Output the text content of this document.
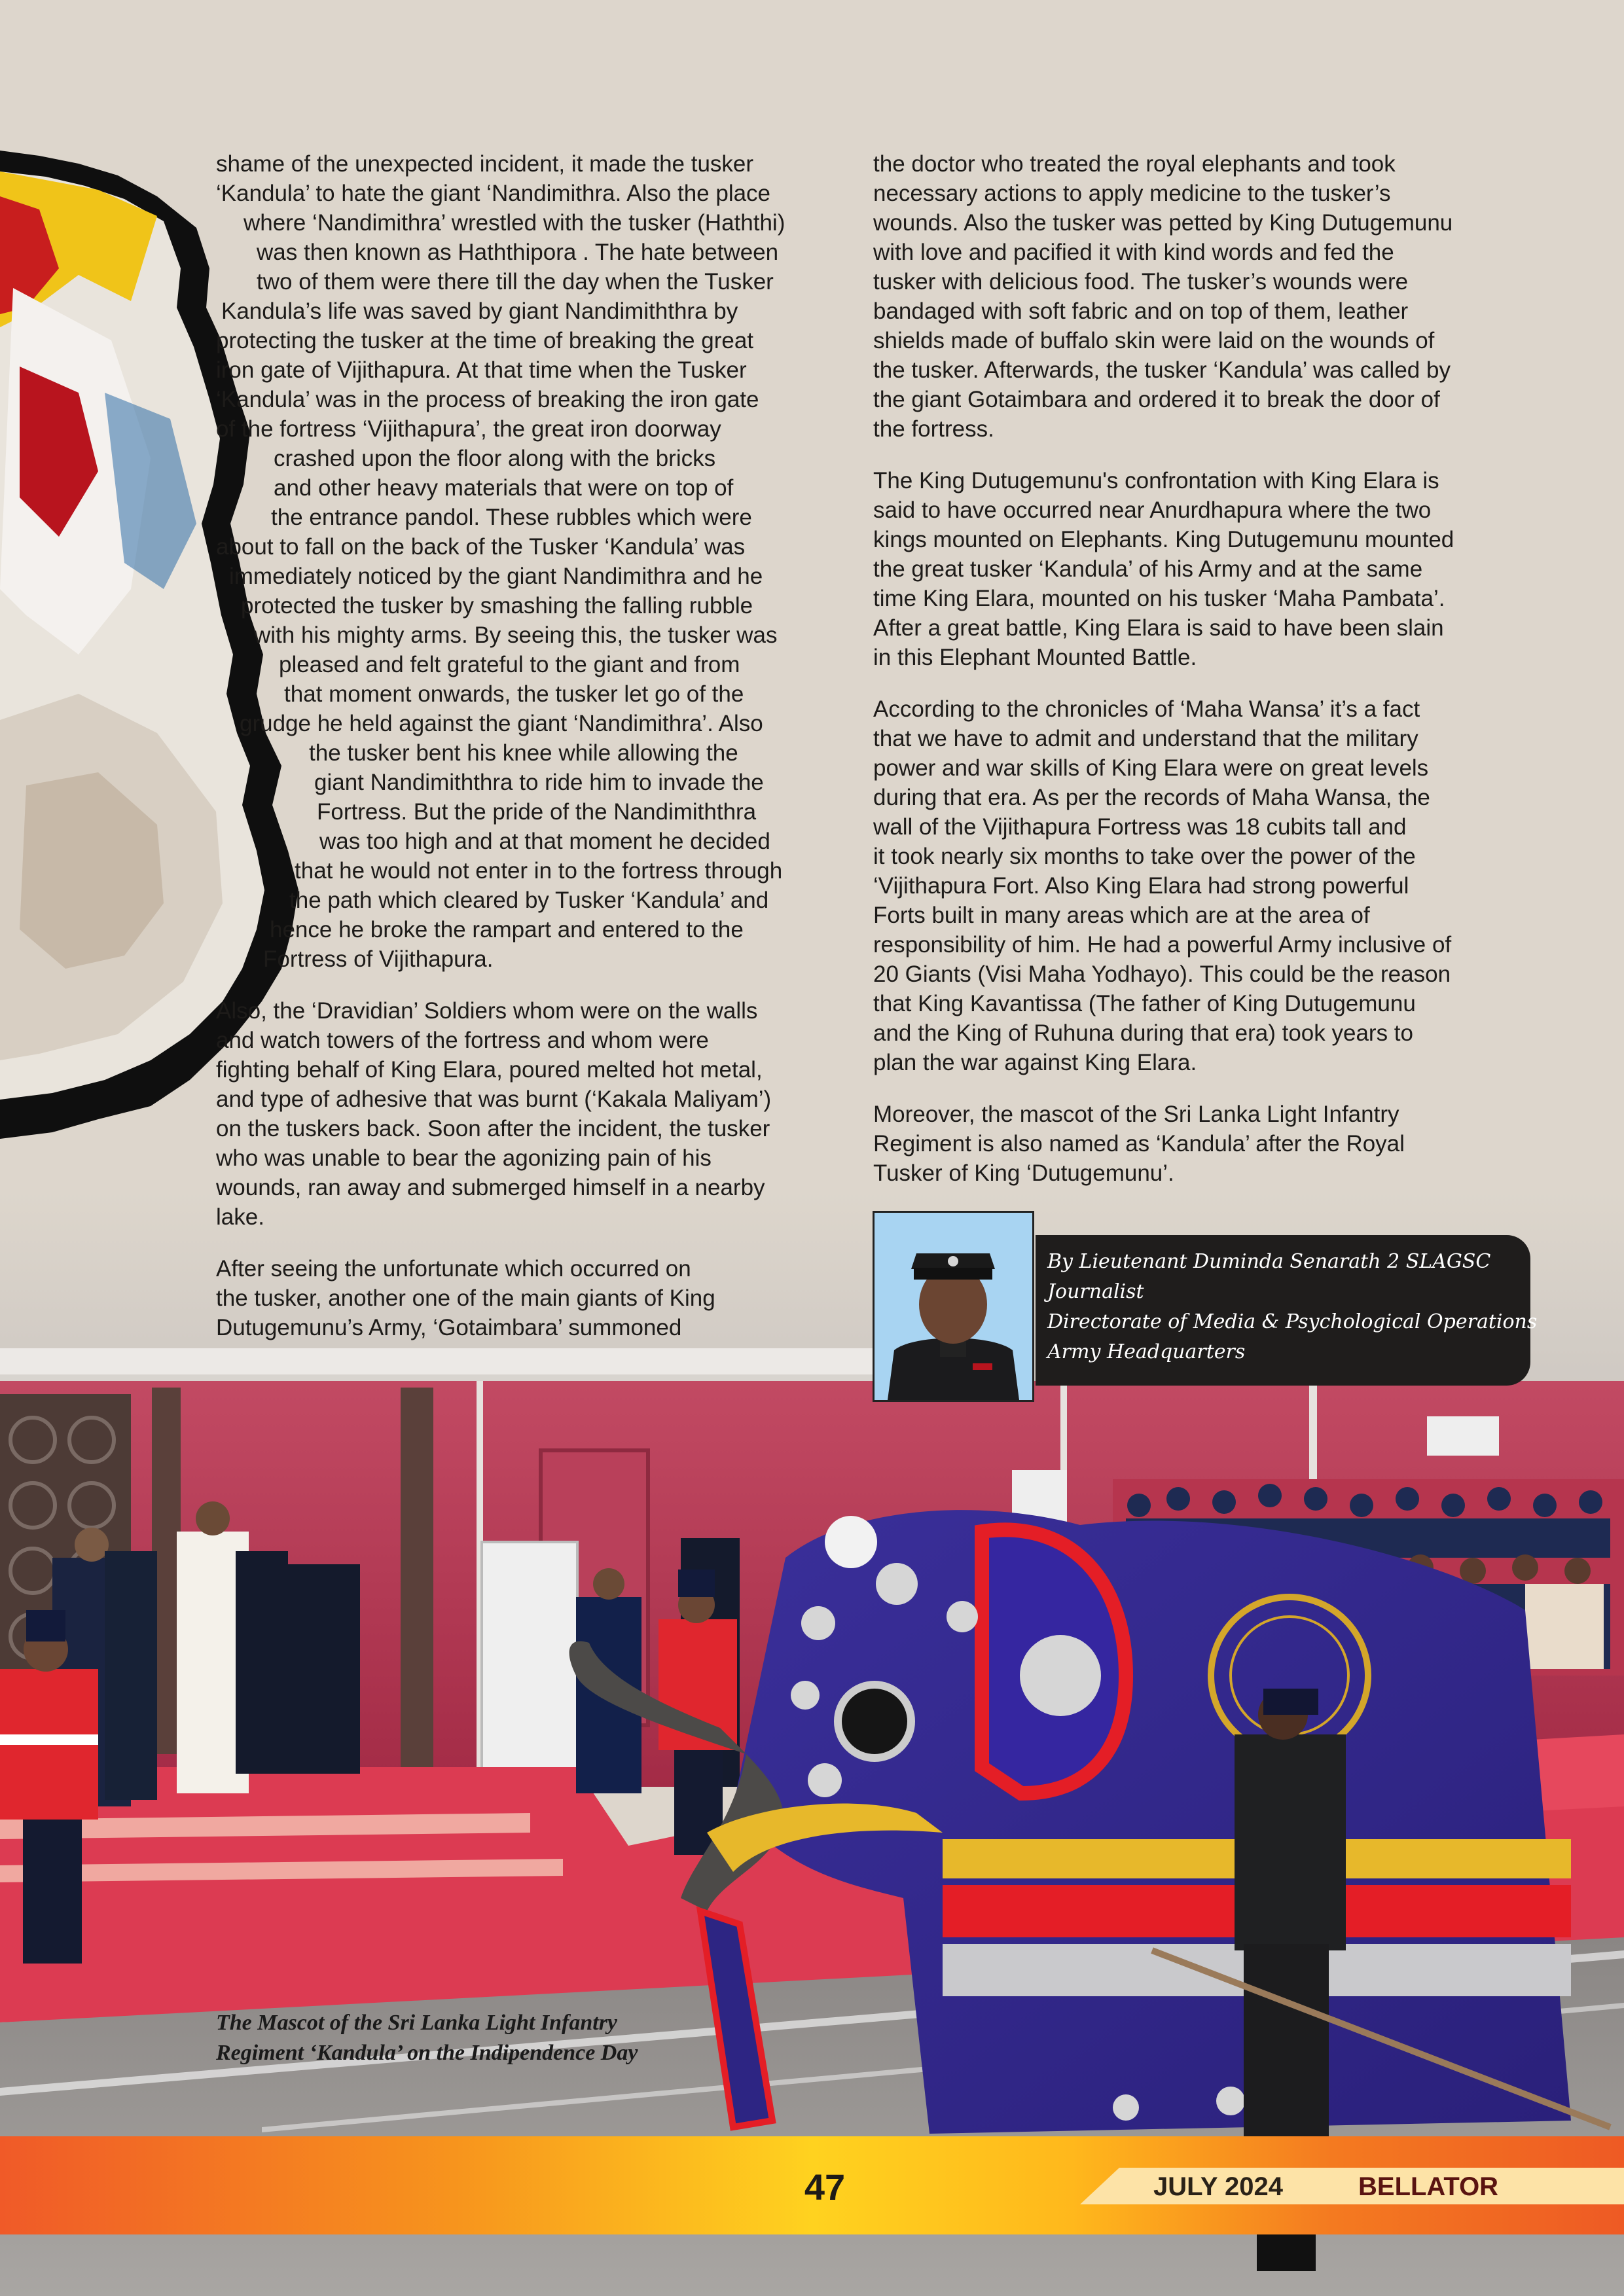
shame of the unexpected incident, it made the tusker
‘Kandula’ to hate the giant ‘Nandimithra. Also the place
where ‘Nandimithra’ wrestled with the tusker (Haththi)
was then known as Haththipora . The hate between
two of them were there till the day when the Tusker
Kandula’s life was saved by giant Nandimiththra by
protecting the tusker at the time of breaking the great
iron gate of Vijithapura. At that time when the Tusker
‘Kandula’ was in the process of breaking the iron gate
of the fortress ‘Vijithapura’, the great iron doorway
crashed upon the floor along with the bricks
and other heavy materials that were on top of
the entrance pandol. These rubbles which were
about to fall on the back of the Tusker ‘Kandula’ was
immediately noticed by the giant Nandimithra and he
protected the tusker by smashing the falling rubble
with his mighty arms. By seeing this, the tusker was
pleased and felt grateful to the giant and from
that moment onwards, the tusker let go of the
grudge he held against the giant ‘Nandimithra’. Also
the tusker bent his knee while allowing the
giant Nandimiththra to ride him to invade the
Fortress. But the pride of the Nandimiththra
was too high and at that moment he decided
that he would not enter in to the fortress through
the path which cleared by Tusker ‘Kandula’ and
hence he broke the rampart and entered to the
Fortress of Vijithapura.

Also, the ‘Dravidian’ Soldiers whom were on the walls
and watch towers of the fortress and whom were
fighting behalf of King Elara, poured melted hot metal,
and type of adhesive that was burnt (‘Kakala Maliyam’)
on the tuskers back. Soon after the incident, the tusker
who was unable to bear the agonizing pain of his
wounds, ran away and submerged himself in a nearby
lake.

After seeing the unfortunate which occurred on
the tusker, another one of the main giants of King
Dutugemunu’s Army, ‘Gotaimbara’ summoned

the doctor who treated the royal elephants and took
necessary actions to apply medicine to the tusker’s
wounds. Also the tusker was petted by King Dutugemunu
with love and pacified it with kind words and fed the
tusker with delicious food. The tusker’s wounds were
bandaged with soft fabric and on top of them, leather
shields made of buffalo skin were laid on the wounds of
the tusker. Afterwards, the tusker ‘Kandula’ was called by
the giant Gotaimbara and ordered it to break the door of
the fortress.

The King Dutugemunu's confrontation with King Elara is
said to have occurred near Anurdhapura where the two
kings mounted on Elephants. King Dutugemunu mounted
the great tusker ‘Kandula’ of his Army and at the same
time King Elara, mounted on his tusker ‘Maha Pambata’.
After a great battle, King Elara is said to have been slain
in this Elephant Mounted Battle.

According to the chronicles of ‘Maha Wansa’ it’s a fact
that we have to admit and understand that the military
power and war skills of King Elara were on great levels
during that era. As per the records of Maha Wansa, the
wall of the Vijithapura Fortress was 18 cubits tall and
it took nearly six months to take over the power of the
‘Vijithapura Fort. Also King Elara had strong powerful
Forts built in many areas which are at the area of
responsibility of him. He had a powerful Army inclusive of
20 Giants (Visi Maha Yodhayo). This could be the reason
that King Kavantissa (The father of King Dutugemunu
and the King of Ruhuna during that era) took years to
plan the war against King Elara.

Moreover, the mascot of the Sri Lanka Light Infantry
Regiment is also named as ‘Kandula’ after the Royal
Tusker of King ‘Dutugemunu’.

By Lieutenant Duminda Senarath 2 SLAGSC
Journalist
Directorate of Media & Psychological Operations
Army Headquarters
The Mascot of the Sri Lanka Light Infantry
Regiment ‘Kandula’ on the Indipendence Day
47	JULY 2024	BELLATOR
